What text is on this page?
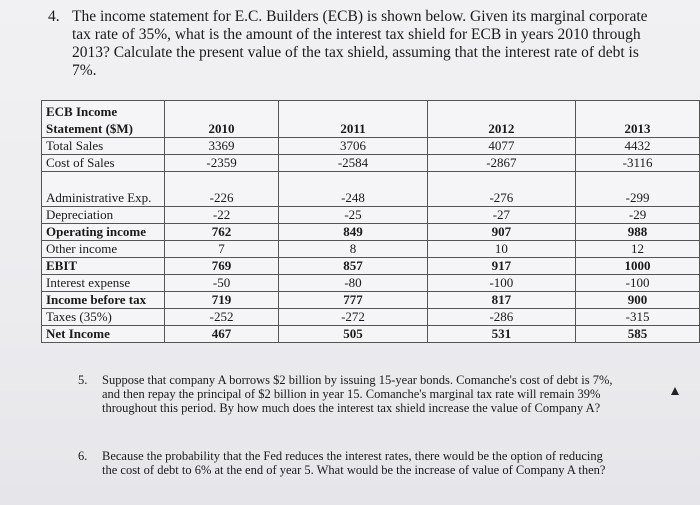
4. The income statement for E.C. Builders (ECB) is shown below. Given its marginal corporate tax rate of 35%, what is the amount of the interest tax shield for ECB in years 2010 through 2013? Calculate the present value of the tax shield, assuming that the interest rate of debt is 7%.
ECB Income Statement ($M)	2010	2011	2012	2013
Total Sales	3369	3706	4077	4432
Cost of Sales	-2359	-2584	-2867	-3116
Administrative Exp.	-226	-248	-276	-299
Depreciation	-22	-25	-27	-29
Operating income	762	849	907	988
Other income	7	8	10	12
EBIT	769	857	917	1000
Interest expense	-50	-80	-100	-100
Income before tax	719	777	817	900
Taxes (35%)	-252	-272	-286	-315
Net Income	467	505	531	585
5. Suppose that company A borrows $2 billion by issuing 15-year bonds. Comanche's cost of debt is 7%, and then repay the principal of $2 billion in year 15. Comanche's marginal tax rate will remain 39% throughout this period. By how much does the interest tax shield increase the value of Company A?
6. Because the probability that the Fed reduces the interest rates, there would be the option of reducing the cost of debt to 6% at the end of year 5. What would be the increase of value of Company A then?
